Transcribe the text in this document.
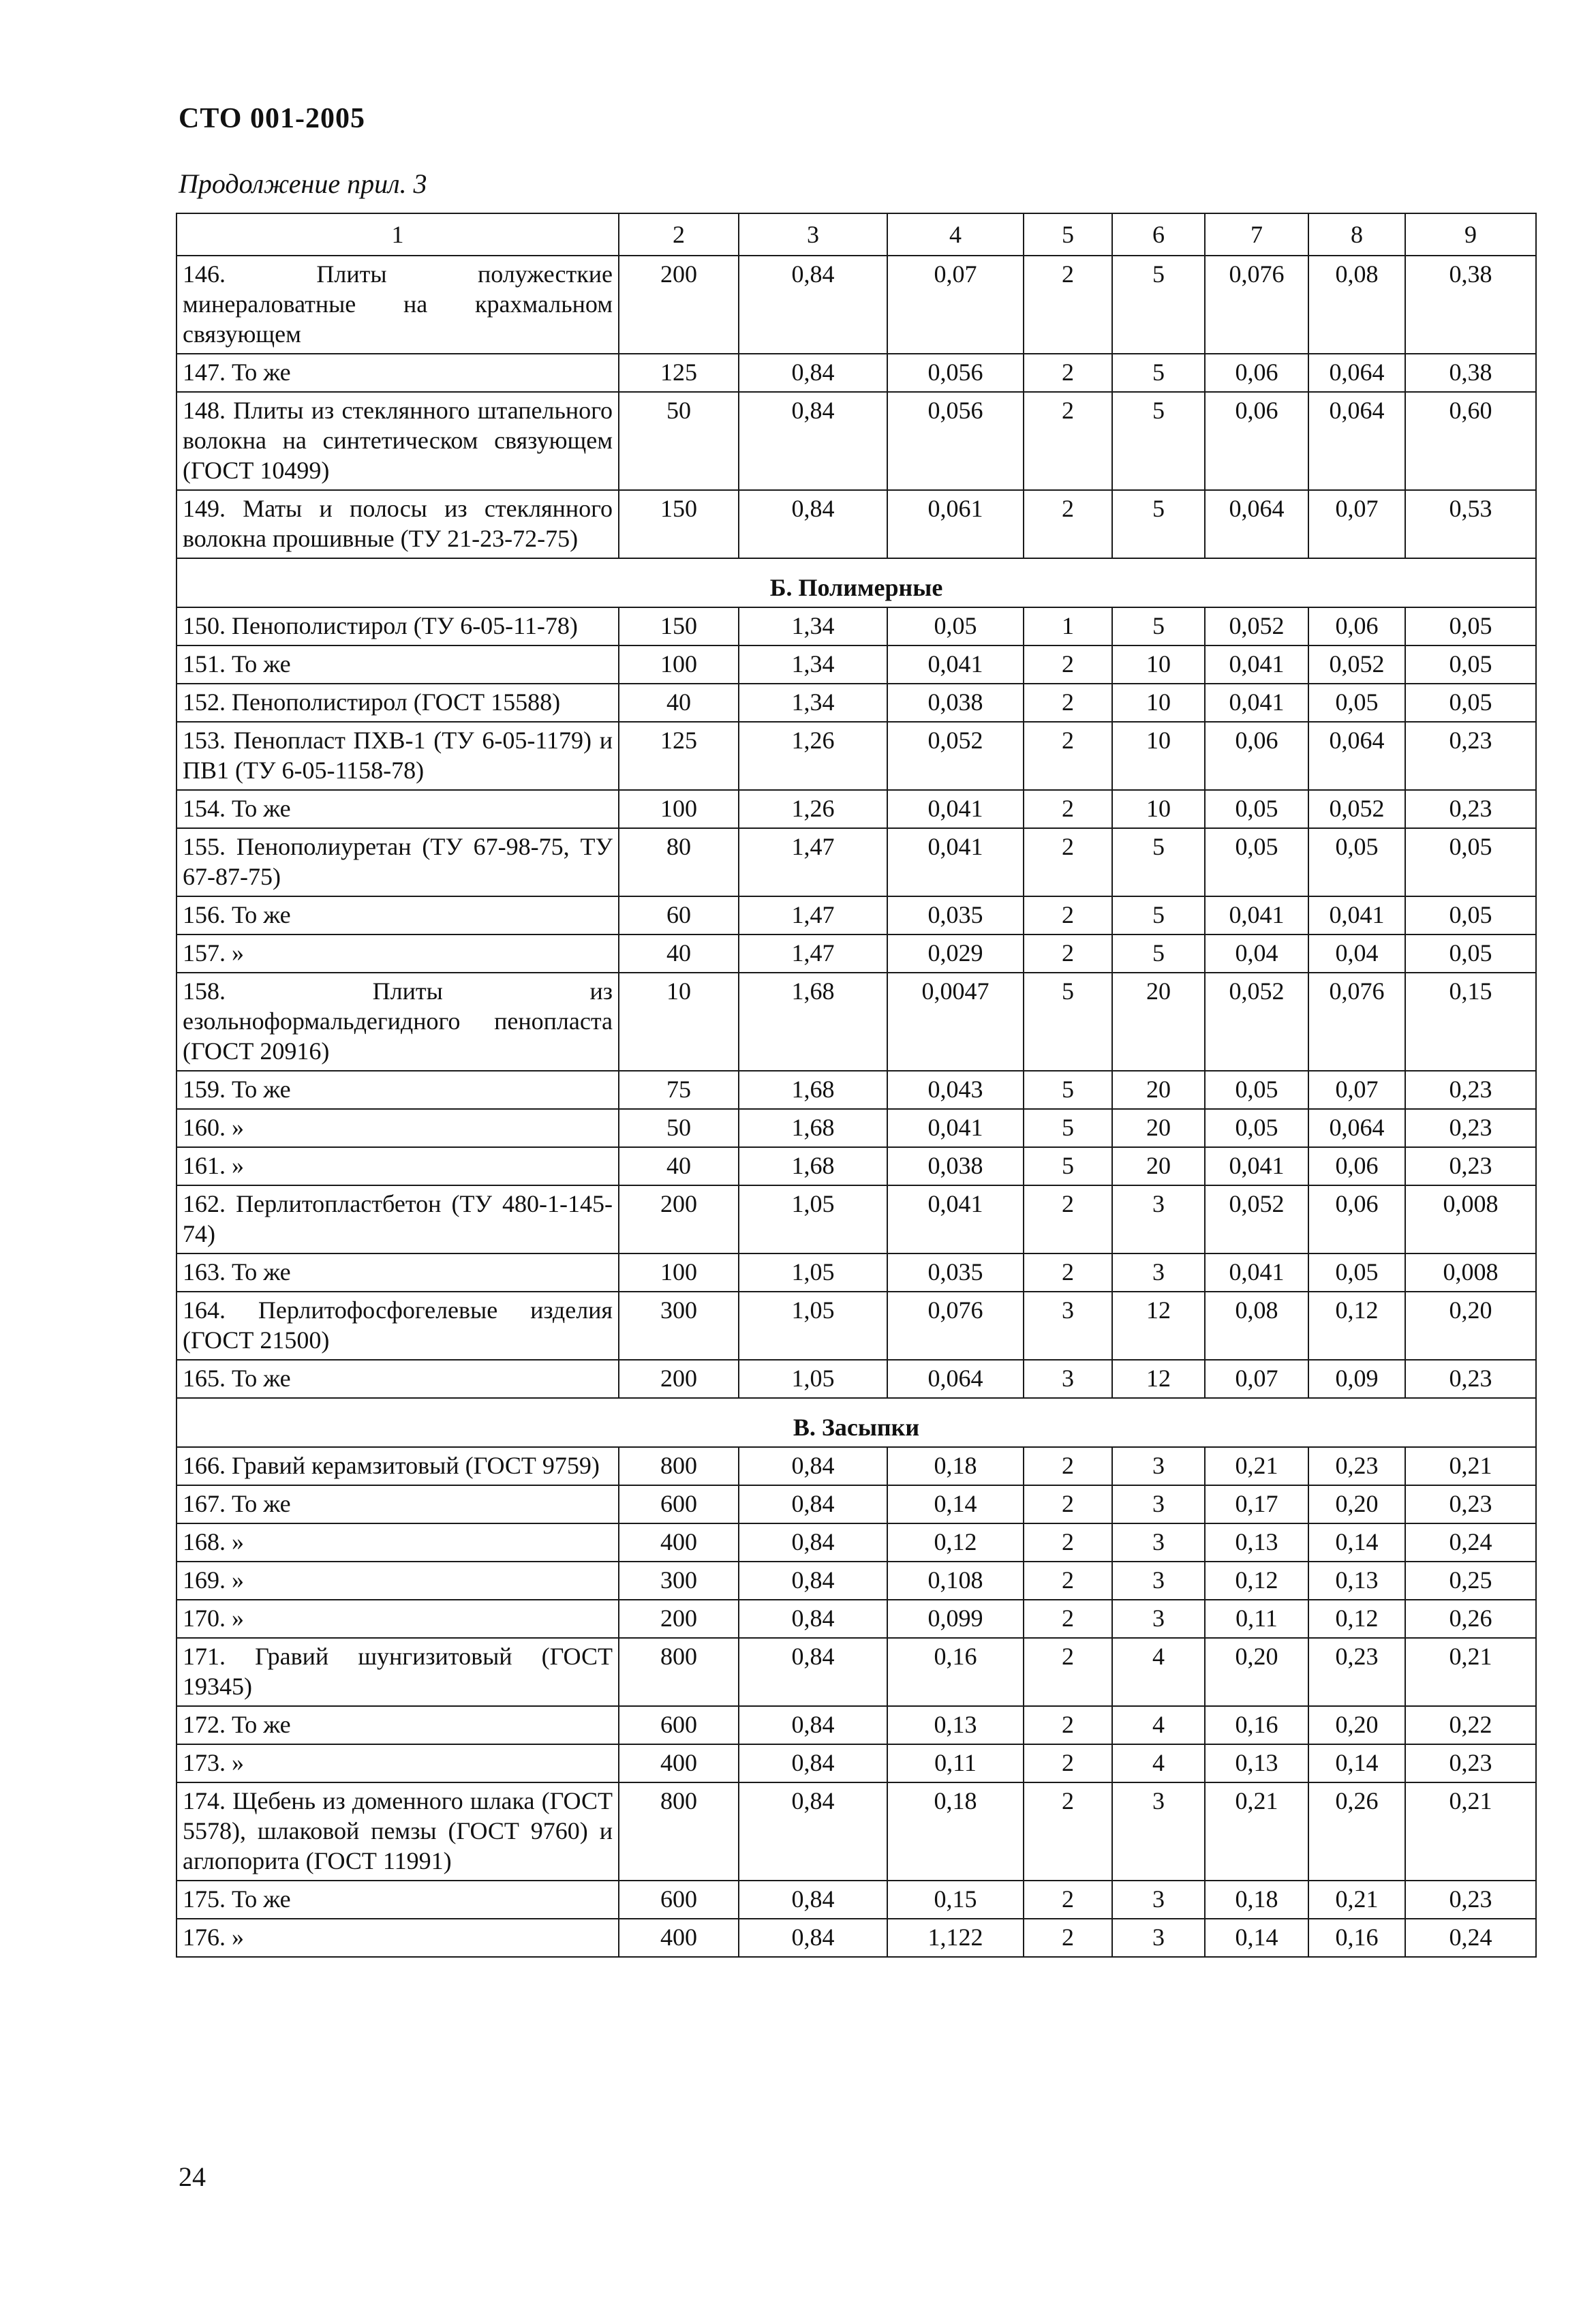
СТО 001-2005
Продолжение прил. 3
1	2	3	4	5	6	7	8	9
146. Плиты полужесткие минераловатные на крахмальном связующем	200	0,84	0,07	2	5	0,076	0,08	0,38
147. То же	125	0,84	0,056	2	5	0,06	0,064	0,38
148. Плиты из стеклянного штапельного волокна на синтетическом связующем (ГОСТ 10499)	50	0,84	0,056	2	5	0,06	0,064	0,60
149. Маты и полосы из стеклянного волокна прошивные (ТУ 21-23-72-75)	150	0,84	0,061	2	5	0,064	0,07	0,53
Б. Полимерные								
150. Пенополистирол (ТУ 6-05-11-78)	150	1,34	0,05	1	5	0,052	0,06	0,05
151. То же	100	1,34	0,041	2	10	0,041	0,052	0,05
152. Пенополистирол (ГОСТ 15588)	40	1,34	0,038	2	10	0,041	0,05	0,05
153. Пенопласт ПХВ-1 (ТУ 6-05-1179) и ПВ1 (ТУ 6-05-1158-78)	125	1,26	0,052	2	10	0,06	0,064	0,23
154. То же	100	1,26	0,041	2	10	0,05	0,052	0,23
155. Пенополиуретан (ТУ 67-98-75, ТУ 67-87-75)	80	1,47	0,041	2	5	0,05	0,05	0,05
156. То же	60	1,47	0,035	2	5	0,041	0,041	0,05
157. »	40	1,47	0,029	2	5	0,04	0,04	0,05
158. Плиты из езольноформальдегидного пенопласта (ГОСТ 20916)	10	1,68	0,0047	5	20	0,052	0,076	0,15
159. То же	75	1,68	0,043	5	20	0,05	0,07	0,23
160. »	50	1,68	0,041	5	20	0,05	0,064	0,23
161. »	40	1,68	0,038	5	20	0,041	0,06	0,23
162. Перлитопластбетон (ТУ 480-1-145-74)	200	1,05	0,041	2	3	0,052	0,06	0,008
163. То же	100	1,05	0,035	2	3	0,041	0,05	0,008
164. Перлитофосфогелевые изделия (ГОСТ 21500)	300	1,05	0,076	3	12	0,08	0,12	0,20
165. То же	200	1,05	0,064	3	12	0,07	0,09	0,23
В. Засыпки								
166. Гравий керамзитовый (ГОСТ 9759)	800	0,84	0,18	2	3	0,21	0,23	0,21
167. То же	600	0,84	0,14	2	3	0,17	0,20	0,23
168. »	400	0,84	0,12	2	3	0,13	0,14	0,24
169. »	300	0,84	0,108	2	3	0,12	0,13	0,25
170. »	200	0,84	0,099	2	3	0,11	0,12	0,26
171. Гравий шунгизитовый (ГОСТ 19345)	800	0,84	0,16	2	4	0,20	0,23	0,21
172. То же	600	0,84	0,13	2	4	0,16	0,20	0,22
173. »	400	0,84	0,11	2	4	0,13	0,14	0,23
174. Щебень из доменного шлака (ГОСТ 5578), шлаковой пемзы (ГОСТ 9760) и аглопорита (ГОСТ 11991)	800	0,84	0,18	2	3	0,21	0,26	0,21
175. То же	600	0,84	0,15	2	3	0,18	0,21	0,23
176. »	400	0,84	1,122	2	3	0,14	0,16	0,24
24
